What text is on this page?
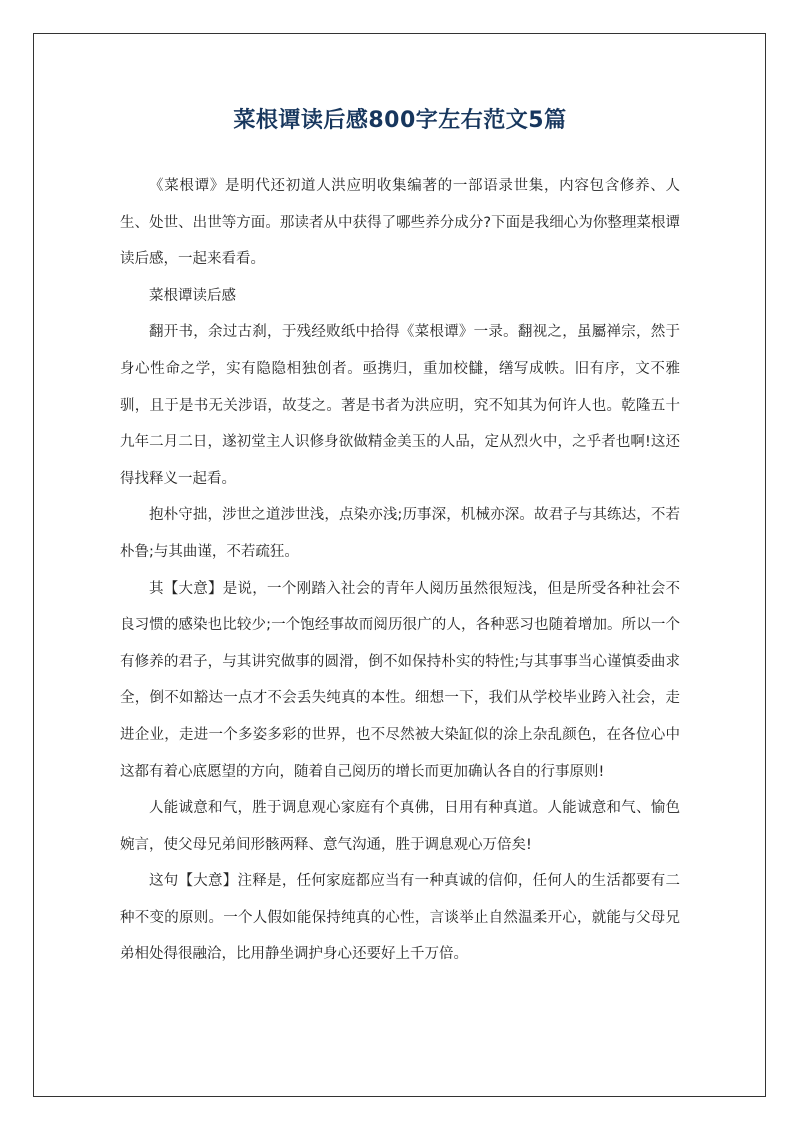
菜根谭读后感800字左右范文5篇

《菜根谭》是明代还初道人洪应明收集编著的一部语录世集，内容包含修养、人生、处世、出世等方面。那读者从中获得了哪些养分成分?下面是我细心为你整理菜根谭读后感，一起来看看。

菜根谭读后感

翻开书，余过古刹，于残经败纸中拾得《菜根谭》一录。翻视之，虽屬禅宗，然于身心性命之学，实有隐隐相独创者。亟携归，重加校讎，缮写成帙。旧有序，文不雅驯，且于是书无关涉语，故芟之。著是书者为洪应明，究不知其为何许人也。乾隆五十九年二月二日，遂初堂主人识修身欲做精金美玉的人品，定从烈火中，之乎者也啊!这还得找释义一起看。

抱朴守拙，涉世之道涉世浅，点染亦浅;历事深，机械亦深。故君子与其练达，不若朴鲁;与其曲谨，不若疏狂。

其【大意】是说，一个刚踏入社会的青年人阅历虽然很短浅，但是所受各种社会不良习惯的感染也比较少;一个饱经事故而阅历很广的人，各种恶习也随着增加。所以一个有修养的君子，与其讲究做事的圆滑，倒不如保持朴实的特性;与其事事当心谨慎委曲求全，倒不如豁达一点才不会丢失纯真的本性。细想一下，我们从学校毕业跨入社会，走进企业，走进一个多姿多彩的世界，也不尽然被大染缸似的涂上杂乱颜色，在各位心中这都有着心底愿望的方向，随着自己阅历的增长而更加确认各自的行事原则!

人能诚意和气，胜于调息观心家庭有个真佛，日用有种真道。人能诚意和气、愉色婉言，使父母兄弟间形骸两释、意气沟通，胜于调息观心万倍矣!

这句【大意】注释是，任何家庭都应当有一种真诚的信仰，任何人的生活都要有二种不变的原则。一个人假如能保持纯真的心性，言谈举止自然温柔开心，就能与父母兄弟相处得很融洽，比用静坐调护身心还要好上千万倍。
